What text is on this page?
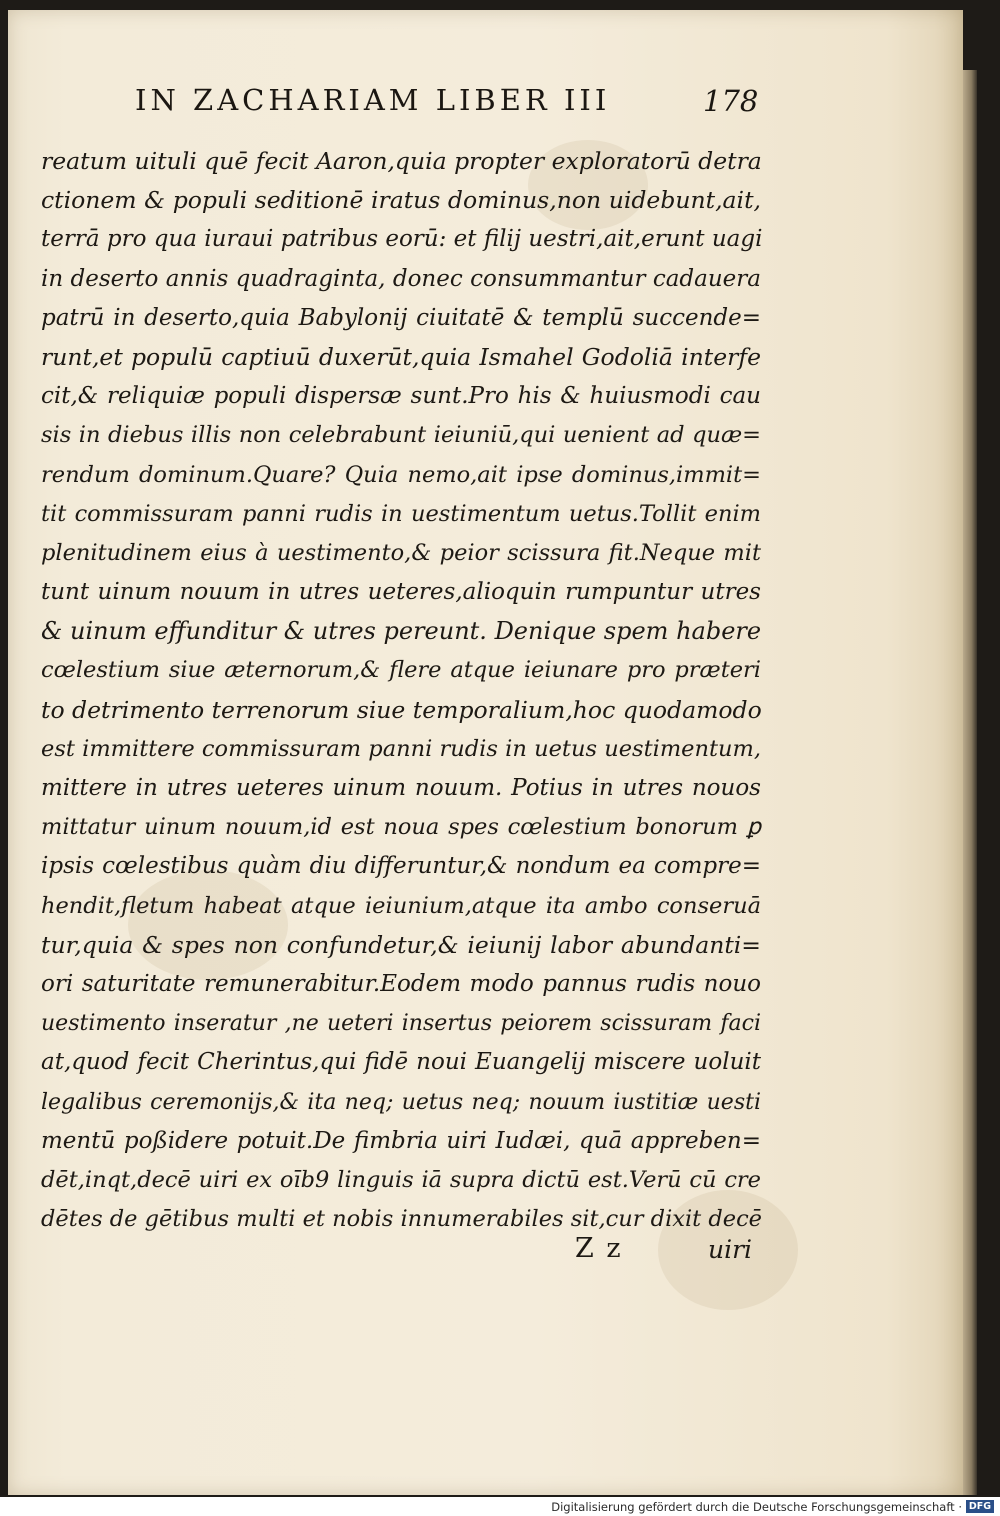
IN ZACHARIAM LIBER III	178
reatum uituli quē fecit Aaron,quia propter exploratorū detra
ctionem & populi seditionē iratus dominus,non uidebunt,ait,
terrā pro qua iuraui patribus eorū: et filij uestri,ait,erunt uagi
in deserto annis quadraginta, donec consummantur cadauera
patrū in deserto,quia Babylonij ciuitatē & templū succende=
runt,et populū captiuū duxerūt,quia Ismahel Godoliā interfe
cit,& reliquiæ populi dispersæ sunt.Pro his & huiusmodi cau
sis in diebus illis non celebrabunt ieiuniū,qui uenient ad quæ=
rendum dominum.Quare? Quia nemo,ait ipse dominus,immit=
tit commissuram panni rudis in uestimentum uetus.Tollit enim
plenitudinem eius à uestimento,& peior scissura fit.Neque mit
tunt uinum nouum in utres ueteres,alioquin rumpuntur utres
& uinum effunditur & utres pereunt. Denique spem habere
cœlestium siue æternorum,& flere atque ieiunare pro præteri
to detrimento terrenorum siue temporalium,hoc quodamodo
est immittere commissuram panni rudis in uetus uestimentum,
mittere in utres ueteres uinum nouum. Potius in utres nouos
mittatur uinum nouum,id est noua spes cœlestium bonorum ꝑ
ipsis cœlestibus quàm diu differuntur,& nondum ea compre=
hendit,fletum habeat atque ieiunium,atque ita ambo conseruā
tur,quia & spes non confundetur,& ieiunij labor abundanti=
ori saturitate remunerabitur.Eodem modo pannus rudis nouo
uestimento inseratur ,ne ueteri insertus peiorem scissuram faci
at,quod fecit Cherintus,qui fidē noui Euangelij miscere uoluit
legalibus ceremonijs,& ita neq; uetus neq; nouum iustitiæ uesti
mentū poßidere potuit.De fimbria uiri Iudæi, quā appreben=
dēt,inqt,decē uiri ex oīb9 linguis iā supra dictū est.Verū cū cre
dētes de gētibus multi et nobis innumerabiles sit,cur dixit decē
Z z	uiri
Digitalisierung gefördert durch die Deutsche Forschungsgemeinschaft · DFG
